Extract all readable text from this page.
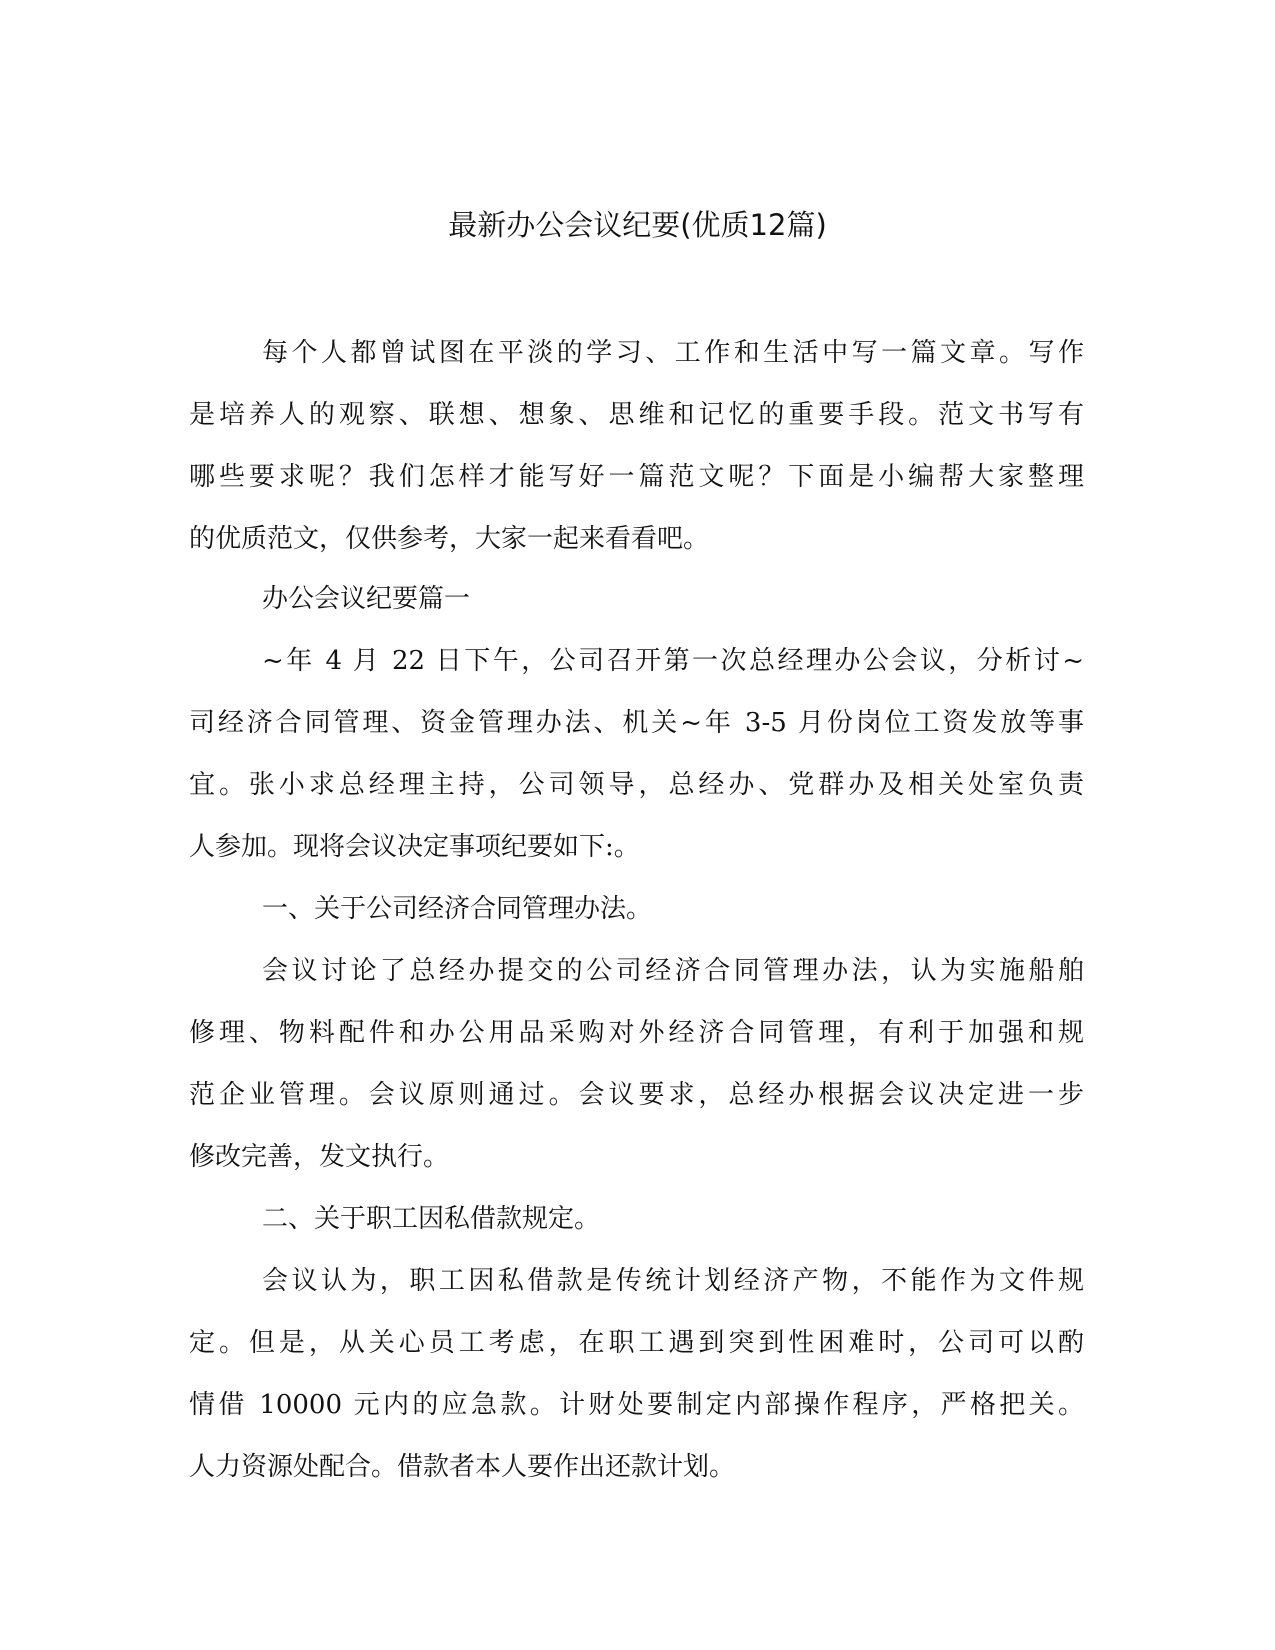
最新办公会议纪要(优质12篇)
每个人都曾试图在平淡的学习、工作和生活中写一篇文章。写作
是培养人的观察、联想、想象、思维和记忆的重要手段。范文书写有
哪些要求呢？我们怎样才能写好一篇范文呢？下面是小编帮大家整理
的优质范文，仅供参考，大家一起来看看吧。
办公会议纪要篇一
~年 4 月 22 日下午，公司召开第一次总经理办公会议，分析讨~
司经济合同管理、资金管理办法、机关~年 3-5 月份岗位工资发放等事
宜。张小求总经理主持，公司领导，总经办、党群办及相关处室负责
人参加。现将会议决定事项纪要如下:。
一、关于公司经济合同管理办法。
会议讨论了总经办提交的公司经济合同管理办法，认为实施船舶
修理、物料配件和办公用品采购对外经济合同管理，有利于加强和规
范企业管理。会议原则通过。会议要求，总经办根据会议决定进一步
修改完善，发文执行。
二、关于职工因私借款规定。
会议认为，职工因私借款是传统计划经济产物，不能作为文件规
定。但是，从关心员工考虑，在职工遇到突到性困难时，公司可以酌
情借 10000 元内的应急款。计财处要制定内部操作程序，严格把关。
人力资源处配合。借款者本人要作出还款计划。
